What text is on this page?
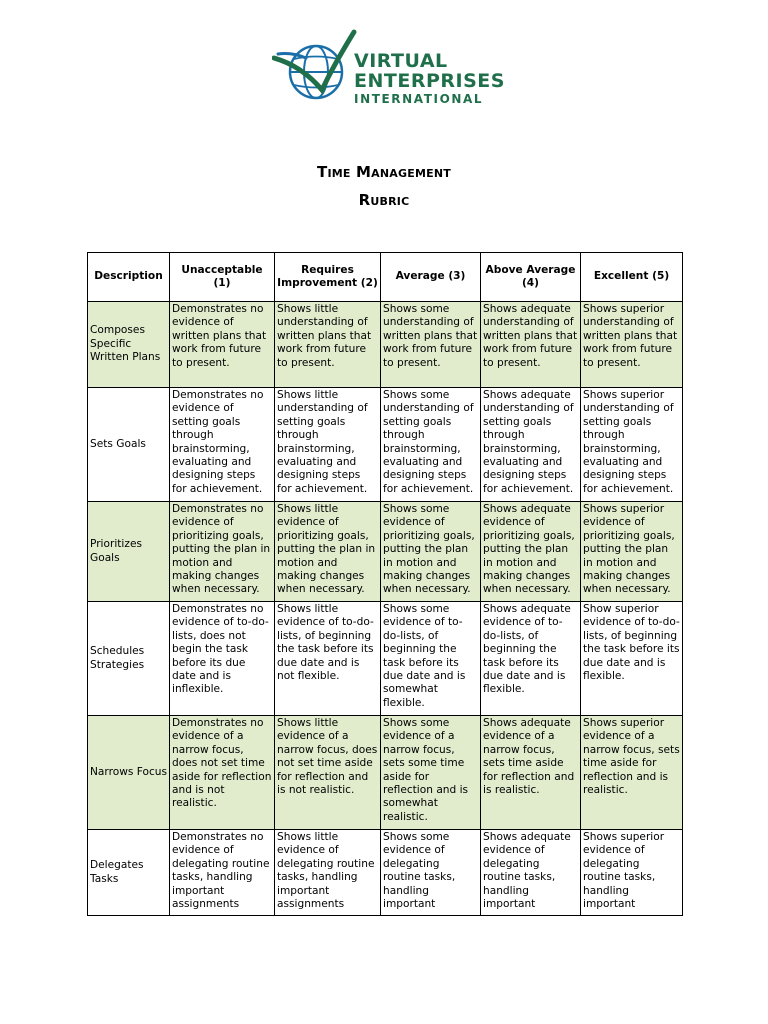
VIRTUAL
ENTERPRISES
INTERNATIONAL
Time Management
Rubric
Description	Unacceptable (1)	Requires Improvement (2)	Average (3)	Above Average (4)	Excellent (5)
Composes Specific Written Plans	Demonstrates no evidence of written plans that work from future to present.	Shows little understanding of written plans that work from future to present.	Shows some understanding of written plans that work from future to present.	Shows adequate understanding of written plans that work from future to present.	Shows superior understanding of written plans that work from future to present.
Sets Goals	Demonstrates no evidence of setting goals through brainstorming, evaluating and designing steps for achievement.	Shows little understanding of setting goals through brainstorming, evaluating and designing steps for achievement.	Shows some understanding of setting goals through brainstorming, evaluating and designing steps for achievement.	Shows adequate understanding of setting goals through brainstorming, evaluating and designing steps for achievement.	Shows superior understanding of setting goals through brainstorming, evaluating and designing steps for achievement.
Prioritizes Goals	Demonstrates no evidence of prioritizing goals, putting the plan in motion and making changes when necessary.	Shows little evidence of prioritizing goals, putting the plan in motion and making changes when necessary.	Shows some evidence of prioritizing goals, putting the plan in motion and making changes when necessary.	Shows adequate evidence of prioritizing goals, putting the plan in motion and making changes when necessary.	Shows superior evidence of prioritizing goals, putting the plan in motion and making changes when necessary.
Schedules Strategies	Demonstrates no evidence of to-do-lists, does not begin the task before its due date and is inflexible.	Shows little evidence of to-do-lists, of beginning the task before its due date and is not flexible.	Shows some evidence of to-do-lists, of beginning the task before its due date and is somewhat flexible.	Shows adequate evidence of to-do-lists, of beginning the task before its due date and is flexible.	Show superior evidence of to-do-lists, of beginning the task before its due date and is flexible.
Narrows Focus	Demonstrates no evidence of a narrow focus, does not set time aside for reflection and is not realistic.	Shows little evidence of a narrow focus, does not set time aside for reflection and is not realistic.	Shows some evidence of a narrow focus, sets some time aside for reflection and is somewhat realistic.	Shows adequate evidence of a narrow focus, sets time aside for reflection and is realistic.	Shows superior evidence of a narrow focus, sets time aside for reflection and is realistic.
Delegates Tasks	Demonstrates no evidence of delegating routine tasks, handling important assignments	Shows little evidence of delegating routine tasks, handling important assignments	Shows some evidence of delegating routine tasks, handling important	Shows adequate evidence of delegating routine tasks, handling important	Shows superior evidence of delegating routine tasks, handling important
